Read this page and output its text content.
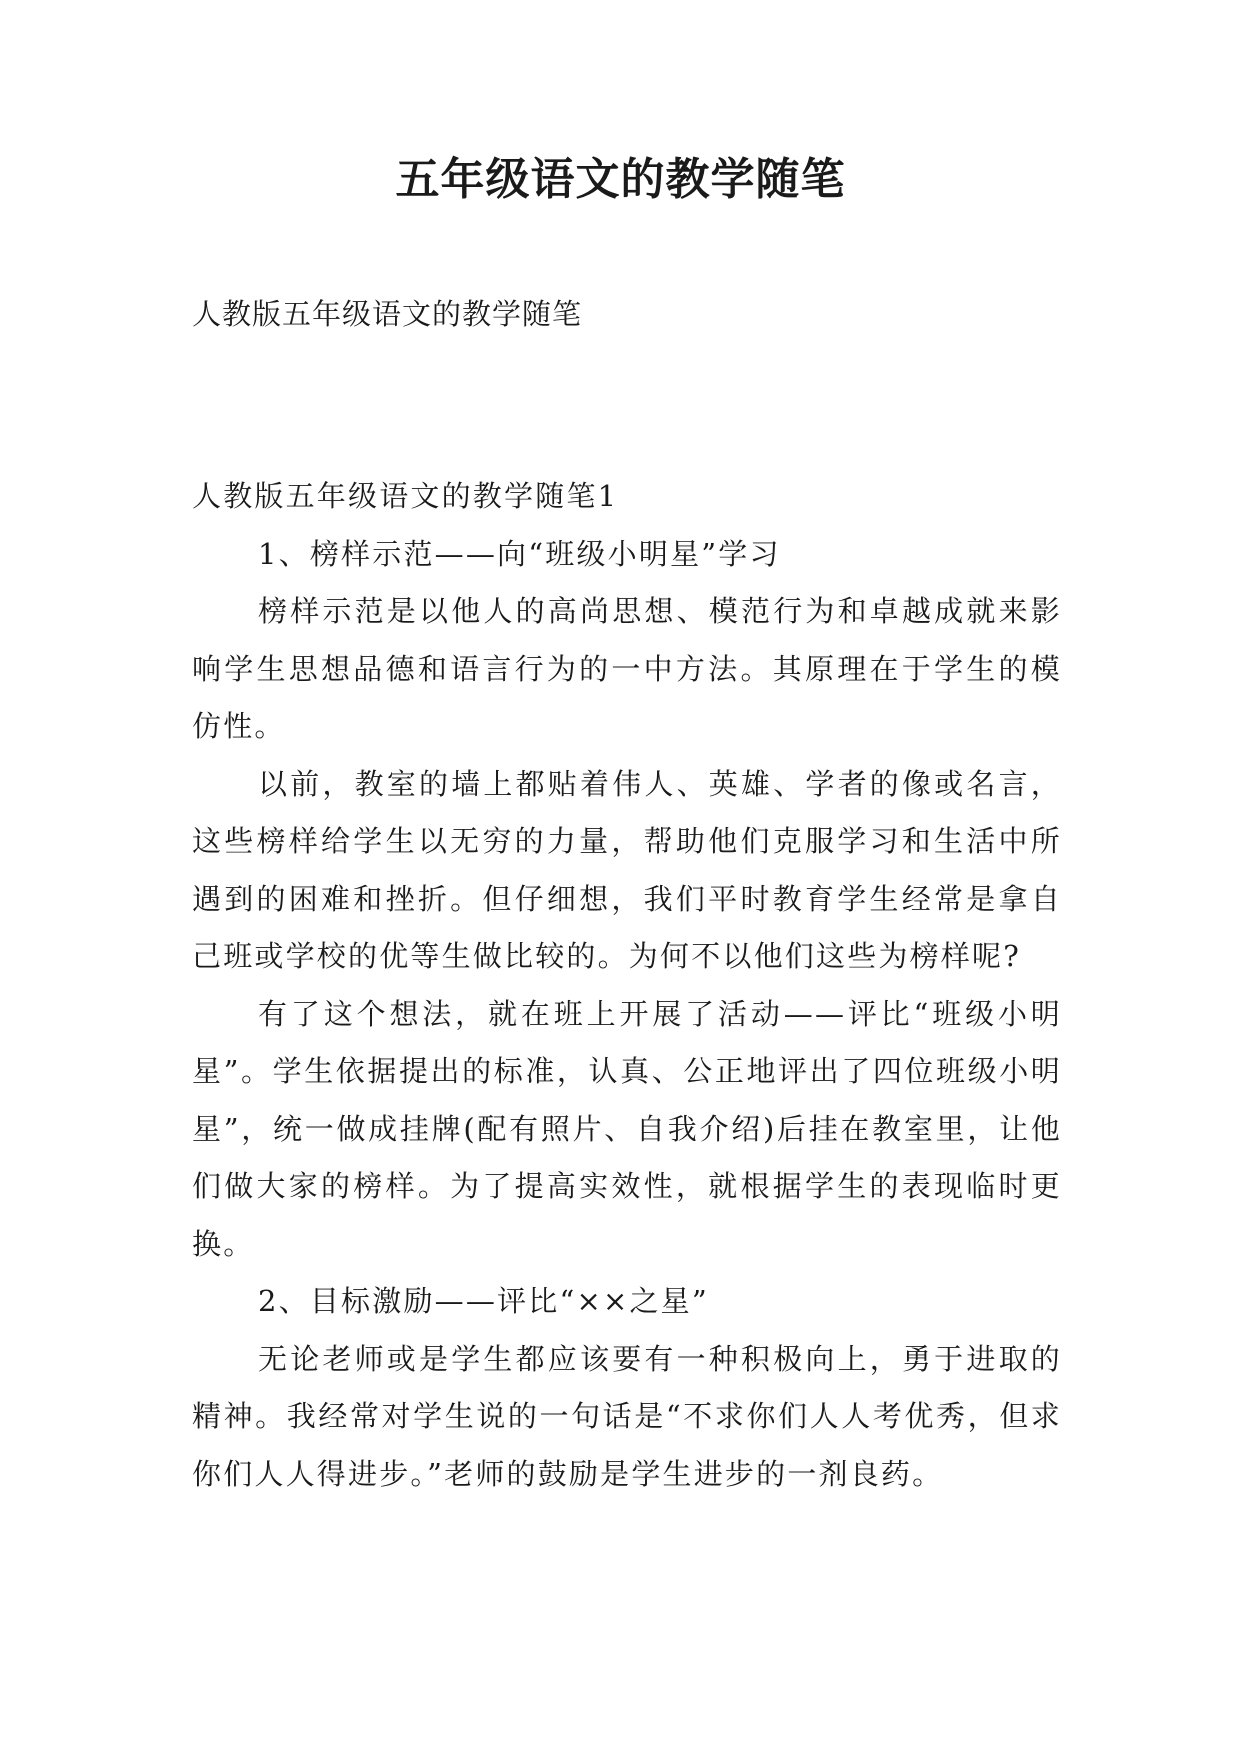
五年级语文的教学随笔

人教版五年级语文的教学随笔

人教版五年级语文的教学随笔1

1、榜样示范——向“班级小明星”学习

榜样示范是以他人的高尚思想、模范行为和卓越成就来影响学生思想品德和语言行为的一中方法。其原理在于学生的模仿性。

以前，教室的墙上都贴着伟人、英雄、学者的像或名言，这些榜样给学生以无穷的力量，帮助他们克服学习和生活中所遇到的困难和挫折。但仔细想，我们平时教育学生经常是拿自己班或学校的优等生做比较的。为何不以他们这些为榜样呢?

有了这个想法，就在班上开展了活动——评比“班级小明星”。学生依据提出的标准，认真、公正地评出了四位班级小明星”，统一做成挂牌(配有照片、自我介绍)后挂在教室里，让他们做大家的榜样。为了提高实效性，就根据学生的表现临时更换。

2、目标激励——评比“××之星”

无论老师或是学生都应该要有一种积极向上，勇于进取的精神。我经常对学生说的一句话是“不求你们人人考优秀，但求你们人人得进步。”老师的鼓励是学生进步的一剂良药。
